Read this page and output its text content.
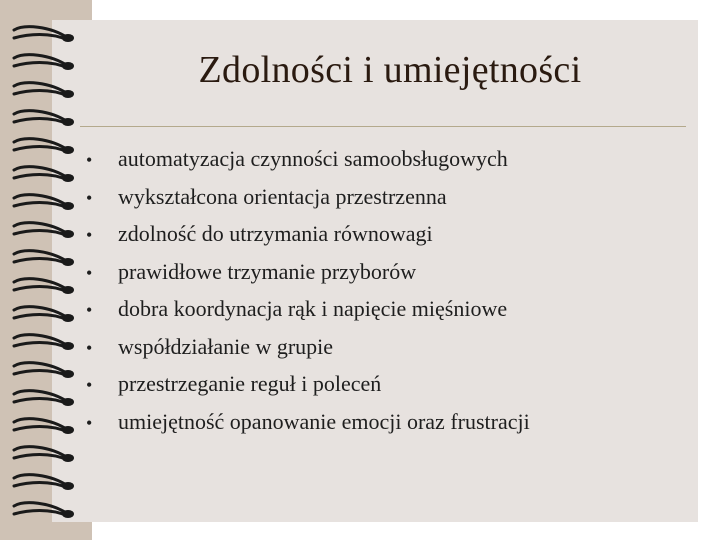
Zdolności i umiejętności
•	automatyzacja czynności samoobsługowych
•	wykształcona orientacja przestrzenna
•	zdolność do utrzymania równowagi
•	prawidłowe trzymanie przyborów
•	dobra koordynacja rąk i napięcie mięśniowe
•	współdziałanie w grupie
•	przestrzeganie reguł i poleceń
•	umiejętność opanowanie emocji oraz frustracji
